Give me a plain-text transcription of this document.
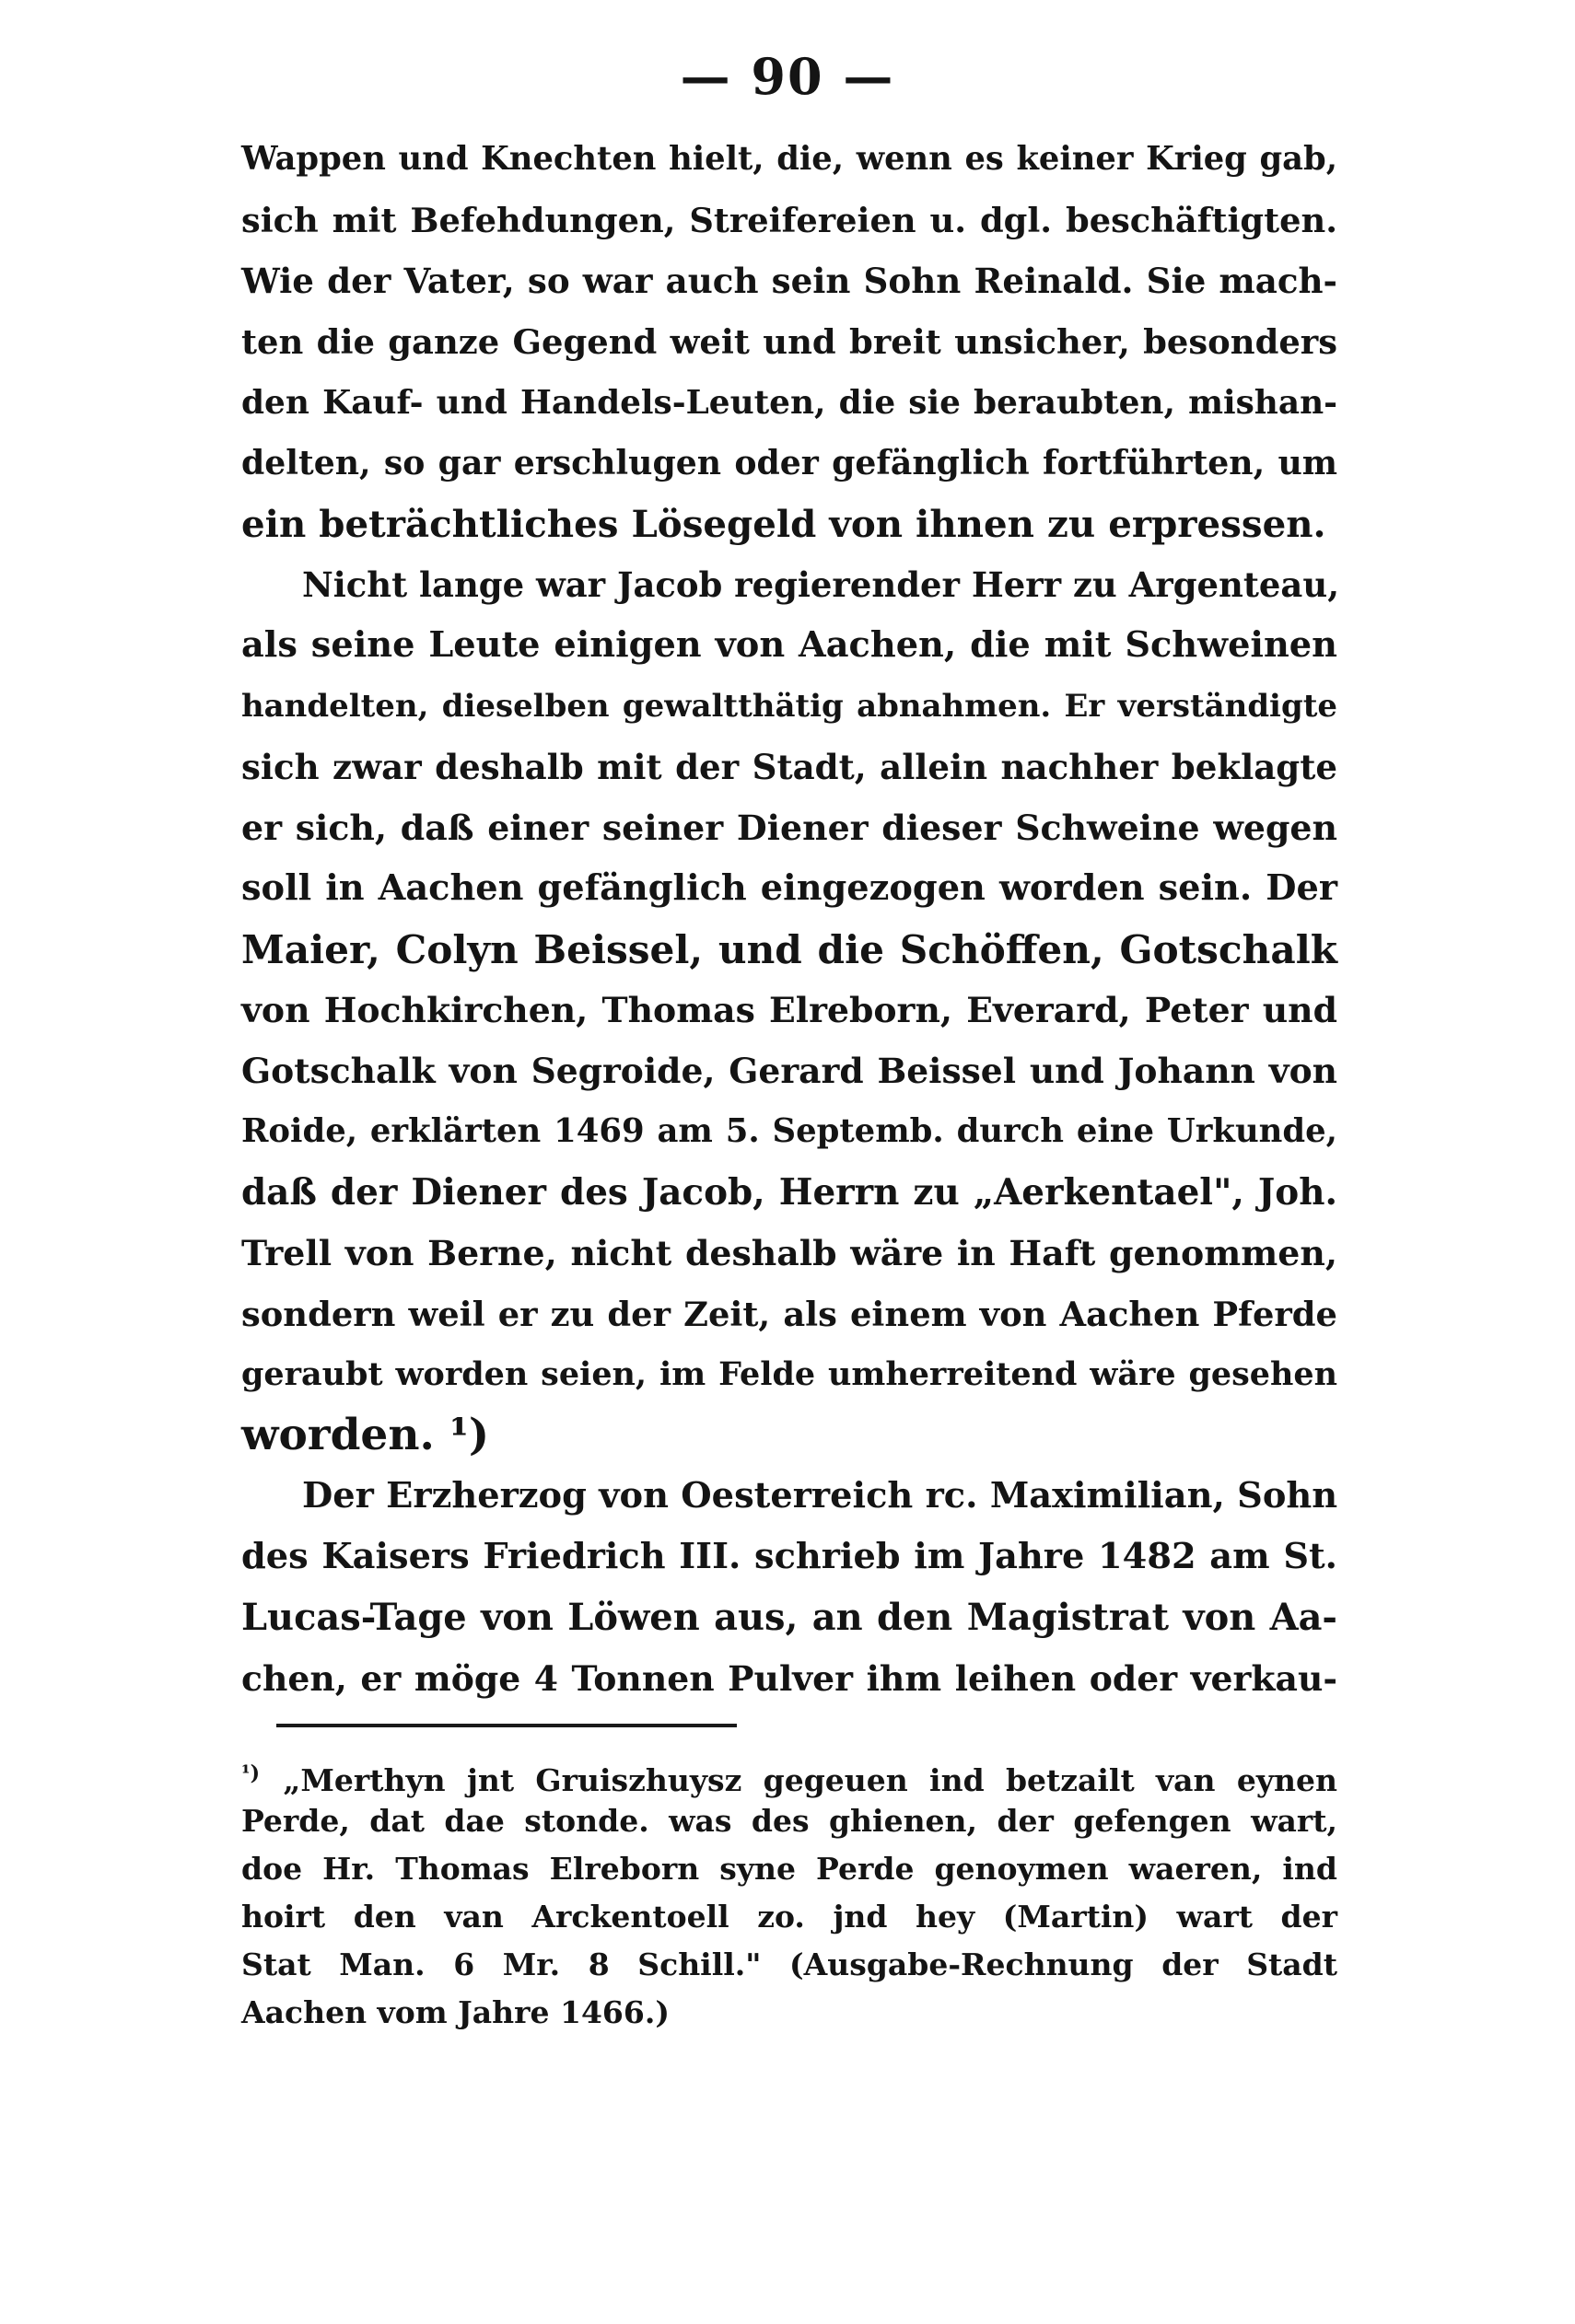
— 90 —
Wappen und Knechten hielt, die, wenn es keiner Krieg gab,
sich mit Befehdungen, Streifereien u. dgl. beschäftigten.
Wie der Vater, so war auch sein Sohn Reinald. Sie mach-
ten die ganze Gegend weit und breit unsicher, besonders
den Kauf- und Handels-Leuten, die sie beraubten, mishan-
delten, so gar erschlugen oder gefänglich fortführten, um
ein beträchtliches Lösegeld von ihnen zu erpressen.
Nicht lange war Jacob regierender Herr zu Argenteau,
als seine Leute einigen von Aachen, die mit Schweinen
handelten, dieselben gewaltthätig abnahmen. Er verständigte
sich zwar deshalb mit der Stadt, allein nachher beklagte
er sich, daß einer seiner Diener dieser Schweine wegen
soll in Aachen gefänglich eingezogen worden sein. Der
Maier, Colyn Beissel, und die Schöffen, Gotschalk
von Hochkirchen, Thomas Elreborn, Everard, Peter und
Gotschalk von Segroide, Gerard Beissel und Johann von
Roide, erklärten 1469 am 5. Septemb. durch eine Urkunde,
daß der Diener des Jacob, Herrn zu „Aerkentael", Joh.
Trell von Berne, nicht deshalb wäre in Haft genommen,
sondern weil er zu der Zeit, als einem von Aachen Pferde
geraubt worden seien, im Felde umherreitend wäre gesehen
worden. ¹)
Der Erzherzog von Oesterreich rc. Maximilian, Sohn
des Kaisers Friedrich III. schrieb im Jahre 1482 am St.
Lucas-Tage von Löwen aus, an den Magistrat von Aa-
chen, er möge 4 Tonnen Pulver ihm leihen oder verkau-
$^{^1)}$ „Merthyn jnt Gruiszhuysz gegeuen ind betzailt van eynen
Perde, dat dae stonde. was des ghienen, der gefengen wart,
doe Hr. Thomas Elreborn syne Perde genoymen waeren, ind
hoirt den van Arckentoell zo. jnd hey (Martin) wart der
Stat Man. 6 Mr. 8 Schill." (Ausgabe-Rechnung der Stadt
Aachen vom Jahre 1466.)
